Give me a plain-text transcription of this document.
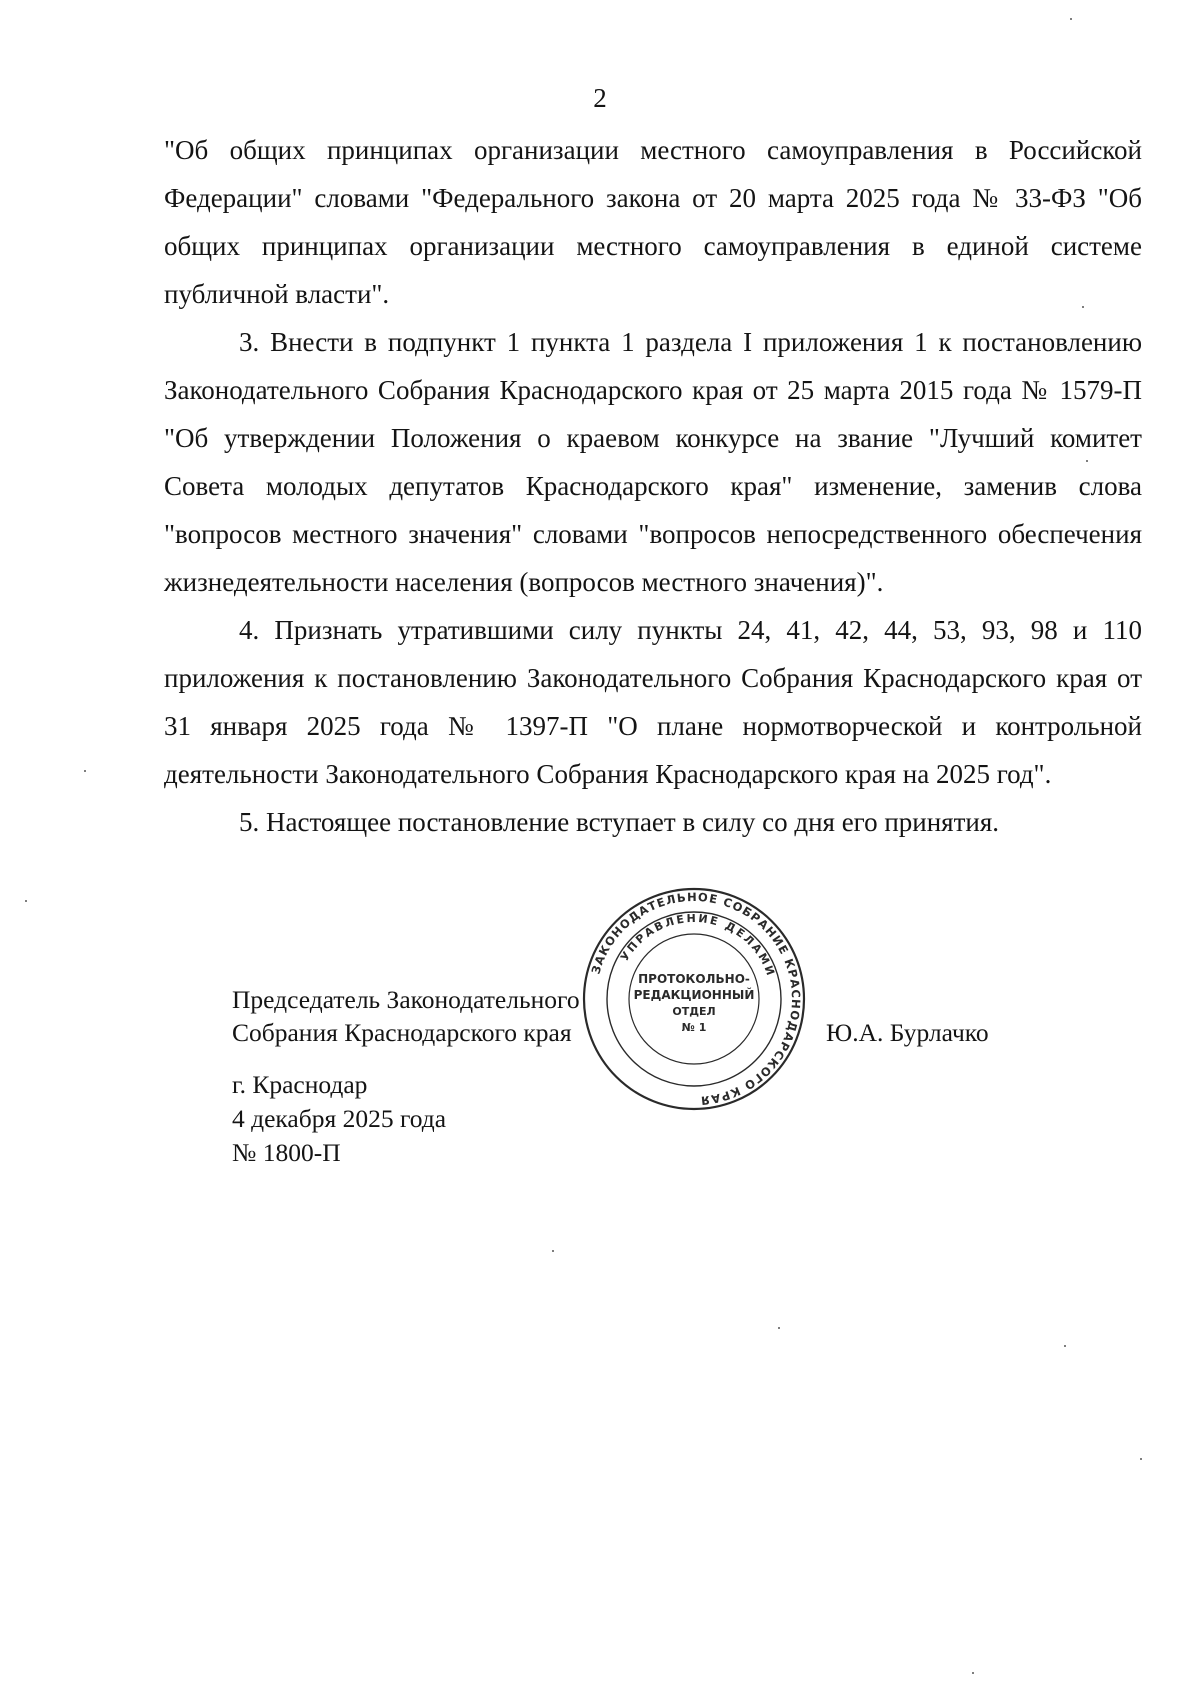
2

"Об общих принципах организации местного самоуправления в Российской Федерации" словами "Федерального закона от 20 марта 2025 года № 33-ФЗ "Об общих принципах организации местного самоуправления в единой системе публичной власти".

3. Внести в подпункт 1 пункта 1 раздела I приложения 1 к постановлению Законодательного Собрания Краснодарского края от 25 марта 2015 года № 1579-П "Об утверждении Положения о краевом конкурсе на звание "Лучший комитет Совета молодых депутатов Краснодарского края" изменение, заменив слова "вопросов местного значения" словами "вопросов непосредственного обеспечения жизнедеятельности населения (вопросов местного значения)".

4. Признать утратившими силу пункты 24, 41, 42, 44, 53, 93, 98 и 110 приложения к постановлению Законодательного Собрания Краснодарского края от 31 января 2025 года № 1397-П "О плане нормотворческой и контрольной деятельности Законодательного Собрания Краснодарского края на 2025 год".

5. Настоящее постановление вступает в силу со дня его принятия.

Председатель Законодательного
Собрания Краснодарского края	Ю.А. Бурлачко
г. Краснодар
4 декабря 2025 года
№ 1800-П
ЗАКОНОДАТЕЛЬНОЕ СОБРАНИЕ КРАСНОДАРСКОГО КРАЯ
УПРАВЛЕНИЕ ДЕЛАМИ
ПРОТОКОЛЬНО-
РЕДАКЦИОННЫЙ
ОТДЕЛ
№ 1
